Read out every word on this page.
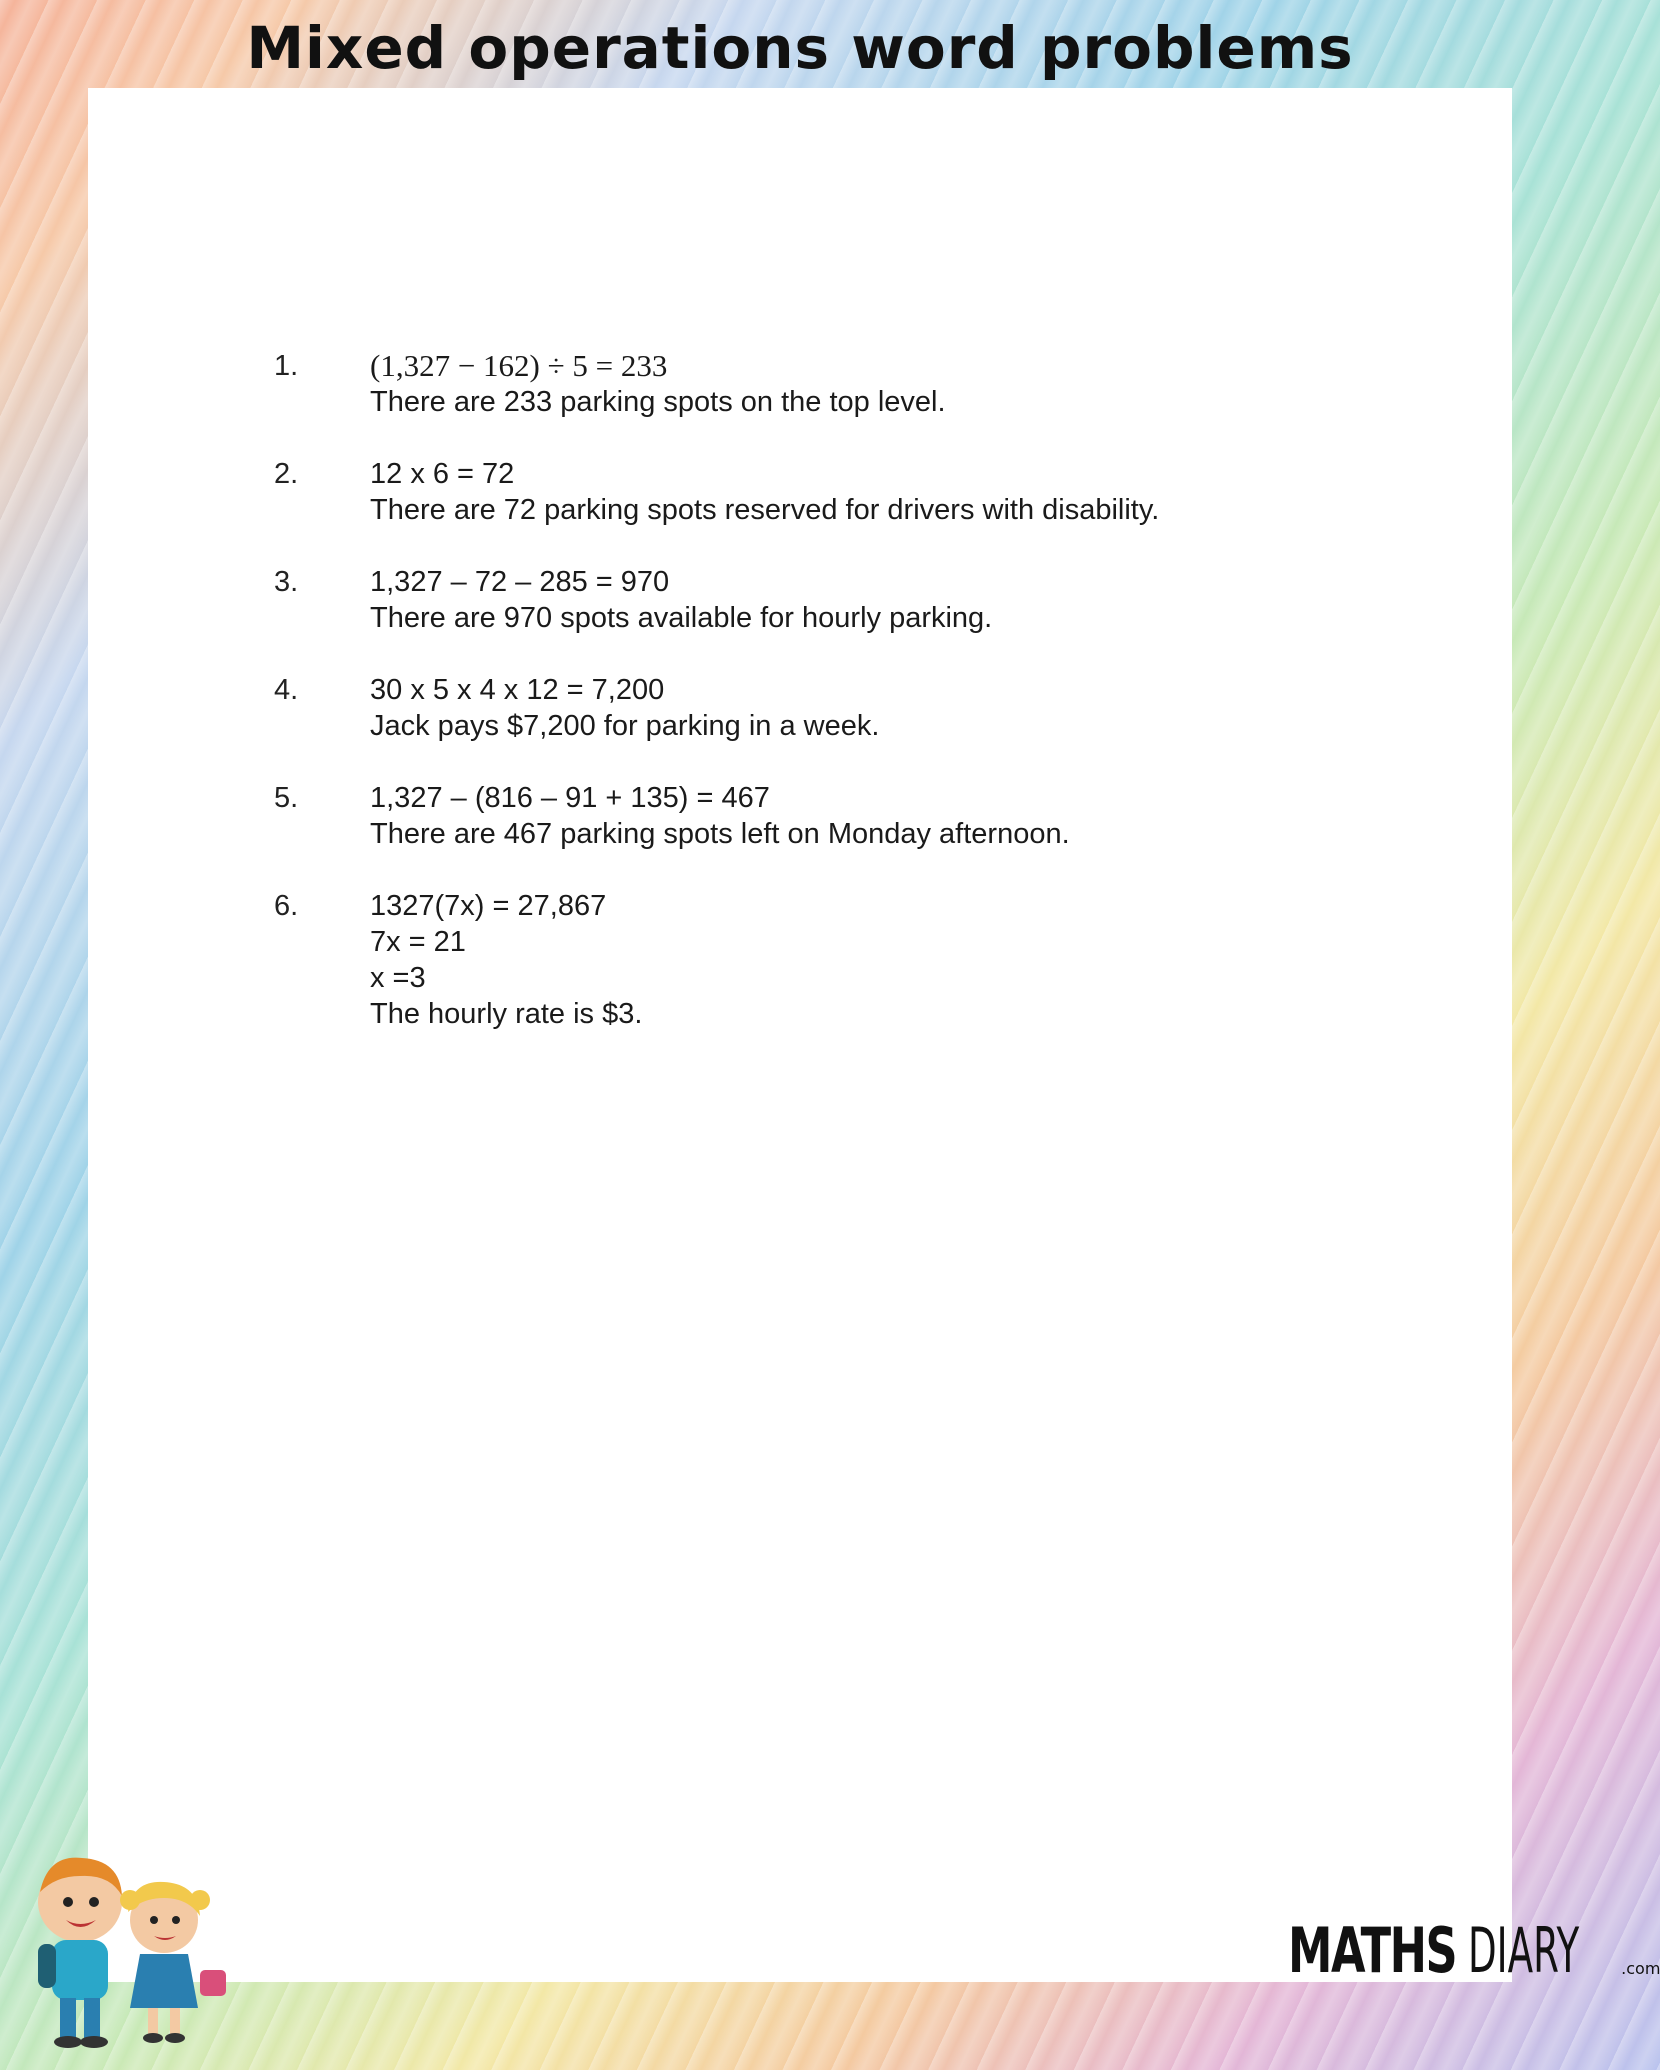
Mixed operations word problems
1.	(1,327 − 162) ÷ 5 = 233
There are 233 parking spots on the top level.
2.	12 x 6 = 72
There are 72 parking spots reserved for drivers with disability.
3.	1,327 – 72 – 285 = 970
There are 970 spots available for hourly parking.
4.	30 x 5 x 4 x 12 = 7,200
Jack pays $7,200 for parking in a week.
5.	1,327 – (816 – 91 + 135) = 467
There are 467 parking spots left on Monday afternoon.
6.	1327(7x) = 27,867
7x = 21
x =3
The hourly rate is $3.
MATHS DIARY	.com
